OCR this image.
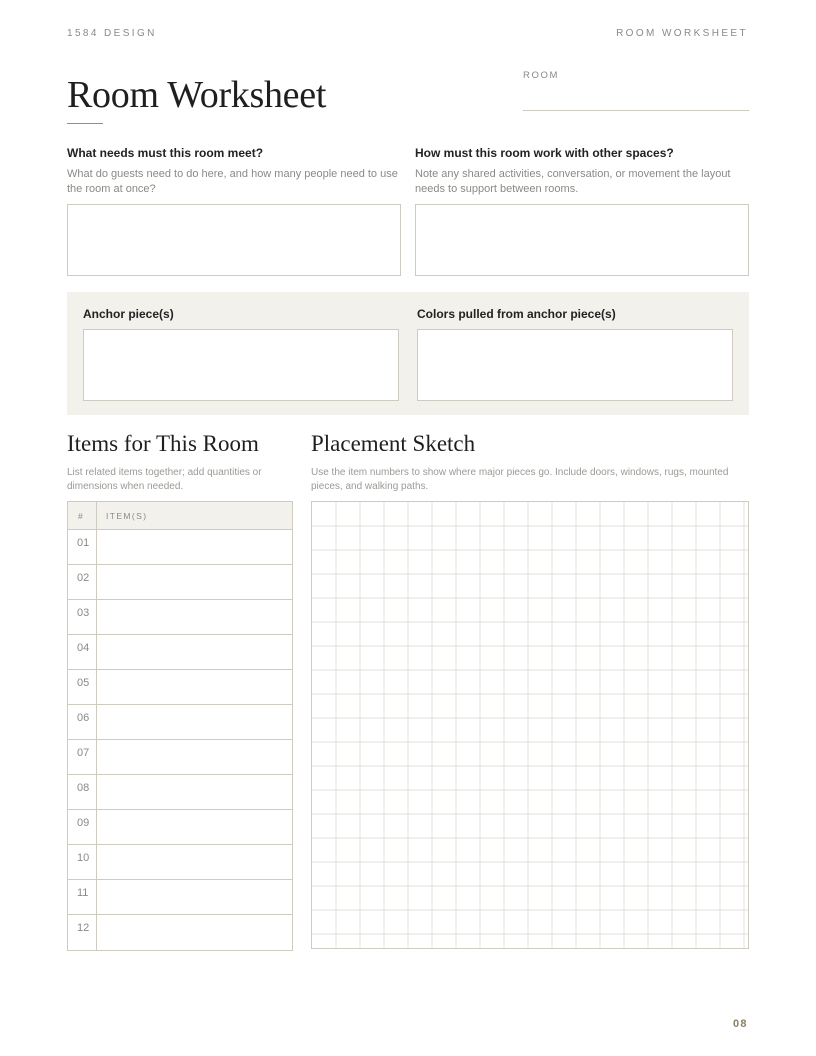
1584 DESIGN	ROOM WORKSHEET
Room Worksheet	ROOM
What needs must this room meet?
What do guests need to do here, and how many people need to use the room at once?
How must this room work with other spaces?
Note any shared activities, conversation, or movement the layout needs to support between rooms.
Anchor piece(s)	Colors pulled from anchor piece(s)
Items for This Room
List related items together; add quantities or dimensions when needed.
#	ITEM(S)
01
02
03
04
05
06
07
08
09
10
11
12
Placement Sketch
Use the item numbers to show where major pieces go. Include doors, windows, rugs, mounted pieces, and walking paths.
08
